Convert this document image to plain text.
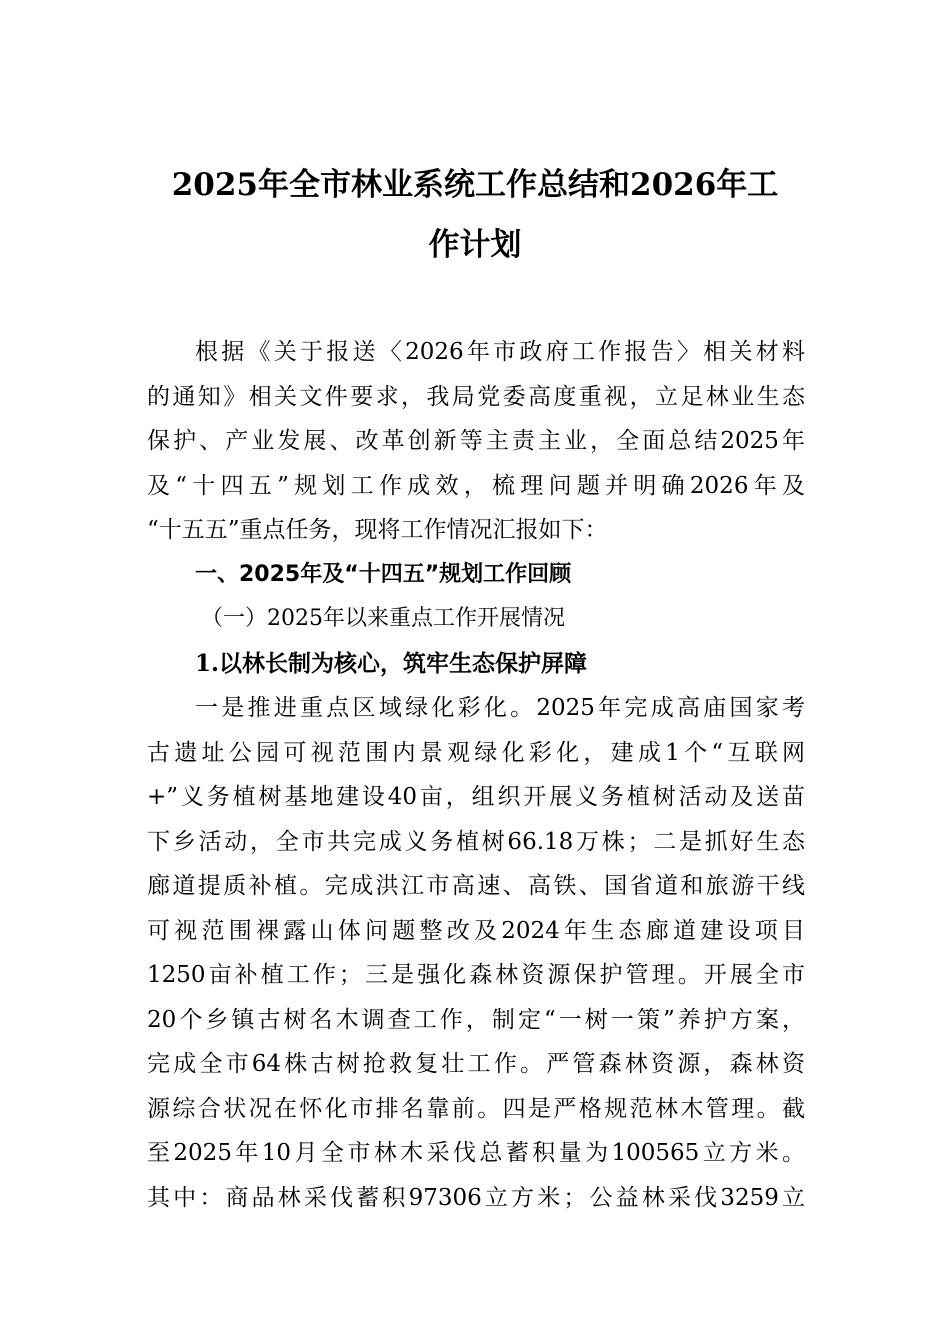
2025年全市林业系统工作总结和2026年工
作计划
根据《关于报送〈2026年市政府工作报告〉相关材料
的通知》相关文件要求，我局党委高度重视，立足林业生态
保护、产业发展、改革创新等主责主业，全面总结2025年
及“十四五”规划工作成效，梳理问题并明确2026年及
“十五五”重点任务，现将工作情况汇报如下：
一、2025年及“十四五”规划工作回顾
（一）2025年以来重点工作开展情况
1.以林长制为核心，筑牢生态保护屏障
一是推进重点区域绿化彩化。2025年完成高庙国家考
古遗址公园可视范围内景观绿化彩化，建成1个“互联网
+”义务植树基地建设40亩，组织开展义务植树活动及送苗
下乡活动，全市共完成义务植树66.18万株；二是抓好生态
廊道提质补植。完成洪江市高速、高铁、国省道和旅游干线
可视范围裸露山体问题整改及2024年生态廊道建设项目
1250亩补植工作；三是强化森林资源保护管理。开展全市
20个乡镇古树名木调查工作，制定“一树一策”养护方案，
完成全市64株古树抢救复壮工作。严管森林资源，森林资
源综合状况在怀化市排名靠前。四是严格规范林木管理。截
至2025年10月全市林木采伐总蓄积量为100565立方米。
其中：商品林采伐蓄积97306立方米；公益林采伐3259立
